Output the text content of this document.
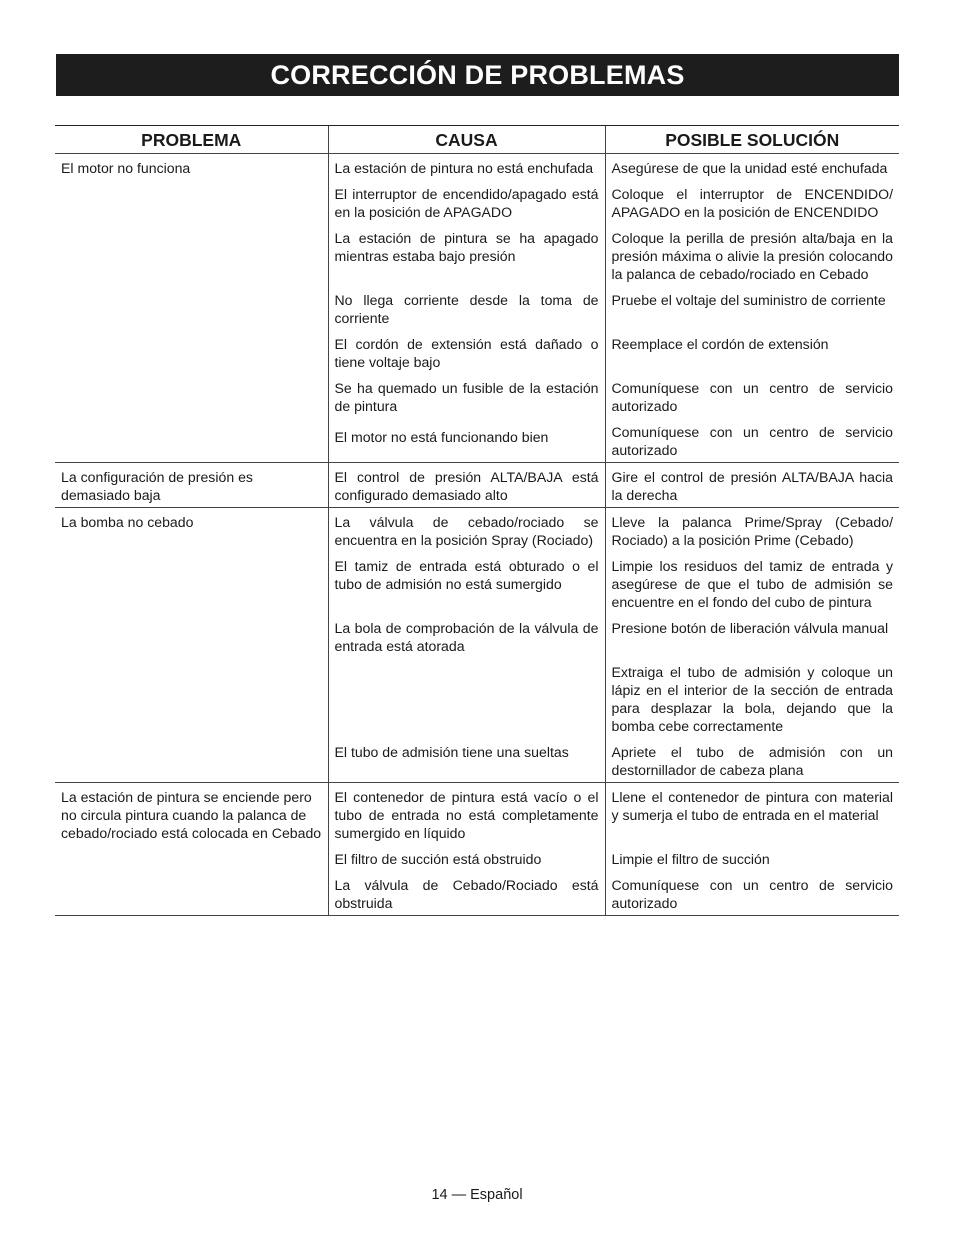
CORRECCIÓN DE PROBLEMAS
PROBLEMA	CAUSA	POSIBLE SOLUCIÓN
El motor no funciona	La estación de pintura no está enchufada	Asegúrese de que la unidad esté enchufada
	El interruptor de encendido/apagado está en la posición de APAGADO	Coloque el interruptor de ENCENDIDO/ APAGADO en la posición de ENCENDIDO
	La estación de pintura se ha apagado mientras estaba bajo presión	Coloque la perilla de presión alta/baja en la presión máxima o alivie la presión colocando la palanca de cebado/rociado en Cebado
	No llega corriente desde la toma de corriente	Pruebe el voltaje del suministro de corriente
	El cordón de extensión está dañado o tiene voltaje bajo	Reemplace el cordón de extensión
	Se ha quemado un fusible de la estación de pintura	Comuníquese con un centro de servicio autorizado
	El motor no está funcionando bien	Comuníquese con un centro de servicio autorizado
La configuración de presión es demasiado baja	El control de presión ALTA/BAJA está configurado demasiado alto	Gire el control de presión ALTA/BAJA hacia la derecha
La bomba no cebado	La válvula de cebado/rociado se encuentra en la posición Spray (Rociado)	Lleve la palanca Prime/Spray (Cebado/ Rociado) a la posición Prime (Cebado)
	El tamiz de entrada está obturado o el tubo de admisión no está sumergido	Limpie los residuos del tamiz de entrada y asegúrese de que el tubo de admisión se encuentre en el fondo del cubo de pintura
	La bola de comprobación de la válvula de entrada está atorada	Presione botón de liberación válvula manual
		Extraiga el tubo de admisión y coloque un lápiz en el interior de la sección de entrada para desplazar la bola, dejando que la bomba cebe correctamente
	El tubo de admisión tiene una sueltas	Apriete el tubo de admisión con un destornillador de cabeza plana
La estación de pintura se enciende pero no circula pintura cuando la palanca de cebado/rociado está colocada en Cebado	El contenedor de pintura está vacío o el tubo de entrada no está completamente sumergido en líquido	Llene el contenedor de pintura con material y sumerja el tubo de entrada en el material
	El filtro de succión está obstruido	Limpie el filtro de succión
	La válvula de Cebado/Rociado está obstruida	Comuníquese con un centro de servicio autorizado
14 — Español
